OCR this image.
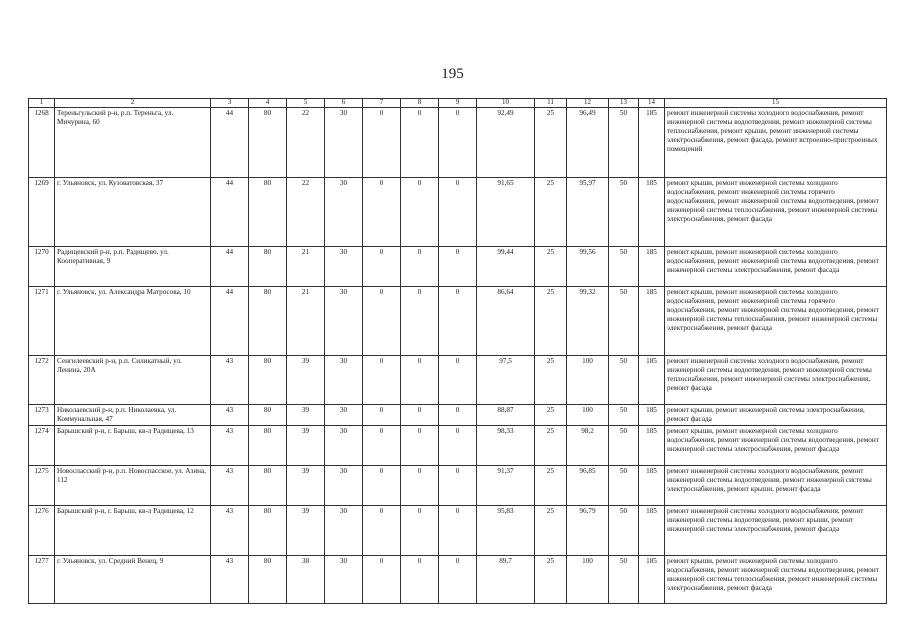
195
1	2	3	4	5	6	7	8	9	10	11	12	13	14	15
1268	Тереньгульский р-н, р.п. Тереньга, ул. Мичурина, 60	44	80	22	30	0	0	0	92,49	25	96,49	50	185	ремонт инженерной системы холодного водоснабжения, ремонт инженерной системы водоотведения, ремонт инженерной системы теплоснабжения, ремонт крыши, ремонт инженерной системы электроснабжения, ремонт фасада, ремонт встроенно-пристроенных помещений
1269	г. Ульяновск, ул. Кузоватовская, 37	44	80	22	30	0	0	0	91,65	25	95,97	50	185	ремонт крыши, ремонт инженерной системы холодного водоснабжения, ремонт инженерной системы горячего водоснабжения, ремонт инженерной системы водоотведения, ремонт инженерной системы теплоснабжения, ремонт инженерной системы электроснабжения, ремонт фасада
1270	Радищевский р-н, р.п. Радищево, ул. Кооперативная, 9	44	80	21	30	0	0	0	99,44	25	99,56	50	185	ремонт крыши, ремонт инженерной системы холодного водоснабжения, ремонт инженерной системы водоотведения, ремонт инженерной системы электроснабжения, ремонт фасада
1271	г. Ульяновск, ул. Александра Матросова, 10	44	80	21	30	0	0	0	86,64	25	99,32	50	185	ремонт крыши, ремонт инженерной системы холодного водоснабжения, ремонт инженерной системы горячего водоснабжения, ремонт инженерной системы водоотведения, ремонт инженерной системы теплоснабжения, ремонт инженерной системы электроснабжения, ремонт фасада
1272	Сенгилеевский р-н, р.п. Силикатный, ул. Ленина, 20А	43	80	39	30	0	0	0	97,5	25	100	50	185	ремонт инженерной системы холодного водоснабжения, ремонт инженерной системы водоотведения, ремонт инженерной системы теплоснабжения, ремонт инженерной системы электроснабжения, ремонт фасада
1273	Николаевский р-н, р.п. Николаевка, ул. Коммунальная, 47	43	80	39	30	0	0	0	88,87	25	100	50	185	ремонт крыши, ремонт инженерной системы электроснабжения, ремонт фасада
1274	Барышский р-н, г. Барыш, кв-л Радищева, 13	43	80	39	30	0	0	0	98,33	25	98,2	50	185	ремонт крыши, ремонт инженерной системы холодного водоснабжения, ремонт инженерной системы водоотведения, ремонт инженерной системы электроснабжения, ремонт фасада
1275	Новоспасский р-н, р.п. Новоспасское, ул. Азина, 112	43	80	39	30	0	0	0	91,37	25	96,85	50	185	ремонт инженерной системы холодного водоснабжения, ремонт инженерной системы водоотведения, ремонт инженерной системы электроснабжения, ремонт крыши, ремонт фасада
1276	Барышский р-н, г. Барыш, кв-л Радищева, 12	43	80	39	30	0	0	0	95,83	25	96,79	50	185	ремонт инженерной системы холодного водоснабжения, ремонт инженерной системы водоотведения, ремонт крыши, ремонт инженерной системы электроснабжения, ремонт фасада
1277	г. Ульяновск, ул. Средний Венец, 9	43	80	38	30	0	0	0	89,7	25	100	50	185	ремонт крыши, ремонт инженерной системы холодного водоснабжения, ремонт инженерной системы водоотведения, ремонт инженерной системы теплоснабжения, ремонт инженерной системы электроснабжения, ремонт фасада
